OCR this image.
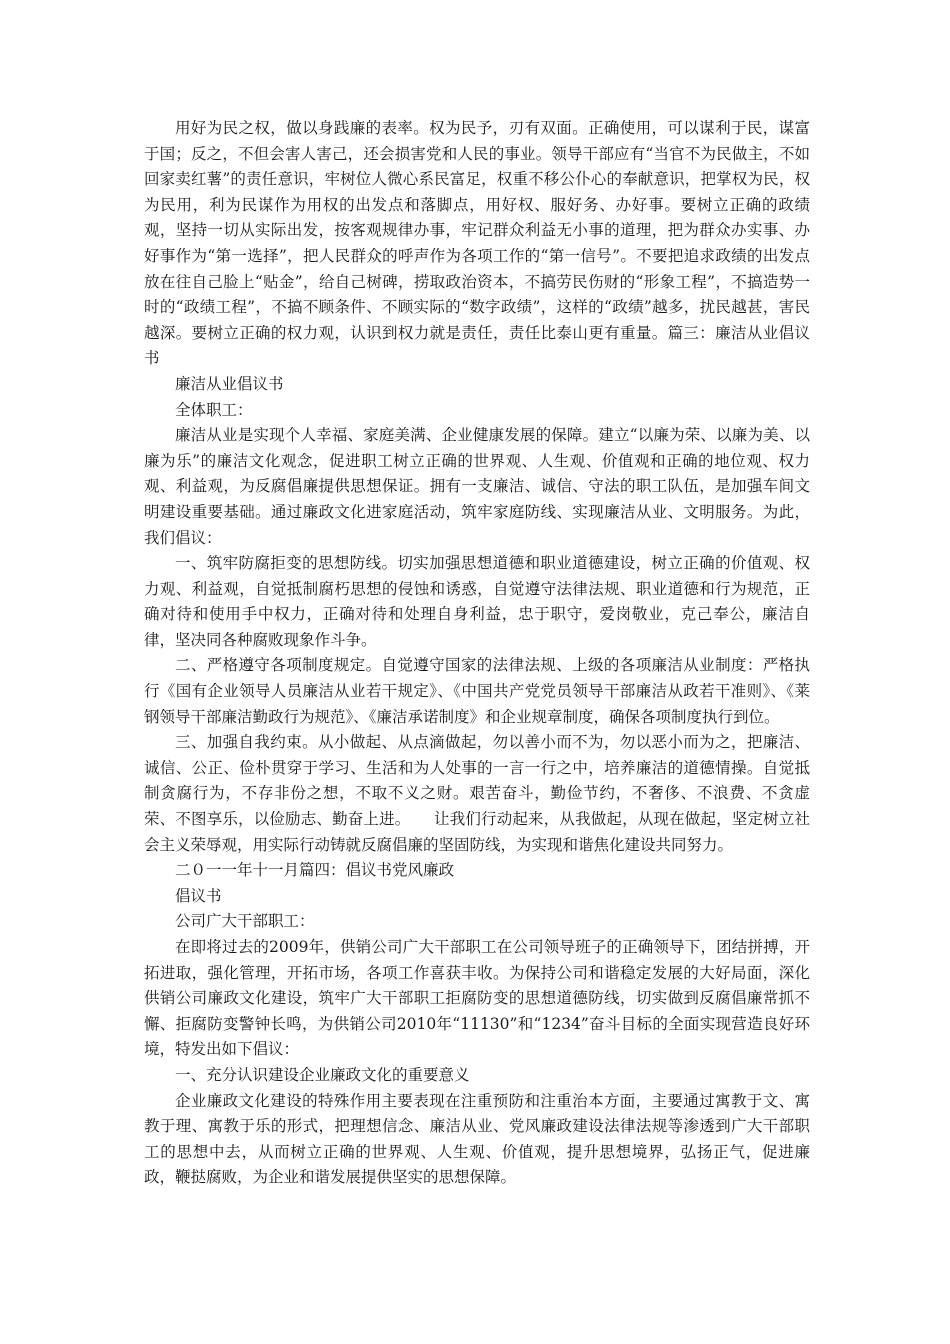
用好为民之权，做以身践廉的表率。权为民予，刃有双面。正确使用，可以谋利于民，谋富于国；反之，不但会害人害己，还会损害党和人民的事业。领导干部应有“当官不为民做主，不如回家卖红薯”的责任意识，牢树位人微心系民富足，权重不移公仆心的奉献意识，把掌权为民，权为民用，利为民谋作为用权的出发点和落脚点，用好权、服好务、办好事。要树立正确的政绩观，坚持一切从实际出发，按客观规律办事，牢记群众利益无小事的道理，把为群众办实事、办好事作为“第一选择”，把人民群众的呼声作为各项工作的“第一信号”。不要把追求政绩的出发点放在往自己脸上“贴金”，给自己树碑，捞取政治资本，不搞劳民伤财的“形象工程”，不搞造势一时的“政绩工程”，不搞不顾条件、不顾实际的“数字政绩”，这样的“政绩”越多，扰民越甚，害民越深。要树立正确的权力观，认识到权力就是责任，责任比泰山更有重量。篇三：廉洁从业倡议书

廉洁从业倡议书

全体职工：

廉洁从业是实现个人幸福、家庭美满、企业健康发展的保障。建立“以廉为荣、以廉为美、以廉为乐”的廉洁文化观念，促进职工树立正确的世界观、人生观、价值观和正确的地位观、权力观、利益观，为反腐倡廉提供思想保证。拥有一支廉洁、诚信、守法的职工队伍，是加强车间文明建设重要基础。通过廉政文化进家庭活动，筑牢家庭防线、实现廉洁从业、文明服务。为此，我们倡议：

一、筑牢防腐拒变的思想防线。切实加强思想道德和职业道德建设，树立正确的价值观、权力观、利益观，自觉抵制腐朽思想的侵蚀和诱惑，自觉遵守法律法规、职业道德和行为规范，正确对待和使用手中权力，正确对待和处理自身利益，忠于职守，爱岗敬业，克己奉公，廉洁自律，坚决同各种腐败现象作斗争。

二、严格遵守各项制度规定。自觉遵守国家的法律法规、上级的各项廉洁从业制度：严格执行《国有企业领导人员廉洁从业若干规定》、《中国共产党党员领导干部廉洁从政若干准则》、《莱钢领导干部廉洁勤政行为规范》、《廉洁承诺制度》和企业规章制度，确保各项制度执行到位。

三、加强自我约束。从小做起、从点滴做起，勿以善小而不为，勿以恶小而为之，把廉洁、诚信、公正、俭朴贯穿于学习、生活和为人处事的一言一行之中，培养廉洁的道德情操。自觉抵制贪腐行为，不存非份之想，不取不义之财。艰苦奋斗，勤俭节约，不奢侈、不浪费、不贪虚荣、不图享乐，以俭励志、勤奋上进。　　让我们行动起来，从我做起，从现在做起，坚定树立社会主义荣辱观，用实际行动铸就反腐倡廉的坚固防线，为实现和谐焦化建设共同努力。

二０一一年十一月篇四：倡议书党风廉政

倡议书

公司广大干部职工：

在即将过去的2009年，供销公司广大干部职工在公司领导班子的正确领导下，团结拼搏，开拓进取，强化管理，开拓市场，各项工作喜获丰收。为保持公司和谐稳定发展的大好局面，深化供销公司廉政文化建设，筑牢广大干部职工拒腐防变的思想道德防线，切实做到反腐倡廉常抓不懈、拒腐防变警钟长鸣，为供销公司2010年“11130”和“1234”奋斗目标的全面实现营造良好环境，特发出如下倡议：

一、充分认识建设企业廉政文化的重要意义

企业廉政文化建设的特殊作用主要表现在注重预防和注重治本方面，主要通过寓教于文、寓教于理、寓教于乐的形式，把理想信念、廉洁从业、党风廉政建设法律法规等渗透到广大干部职工的思想中去，从而树立正确的世界观、人生观、价值观，提升思想境界，弘扬正气，促进廉政，鞭挞腐败，为企业和谐发展提供坚实的思想保障。
